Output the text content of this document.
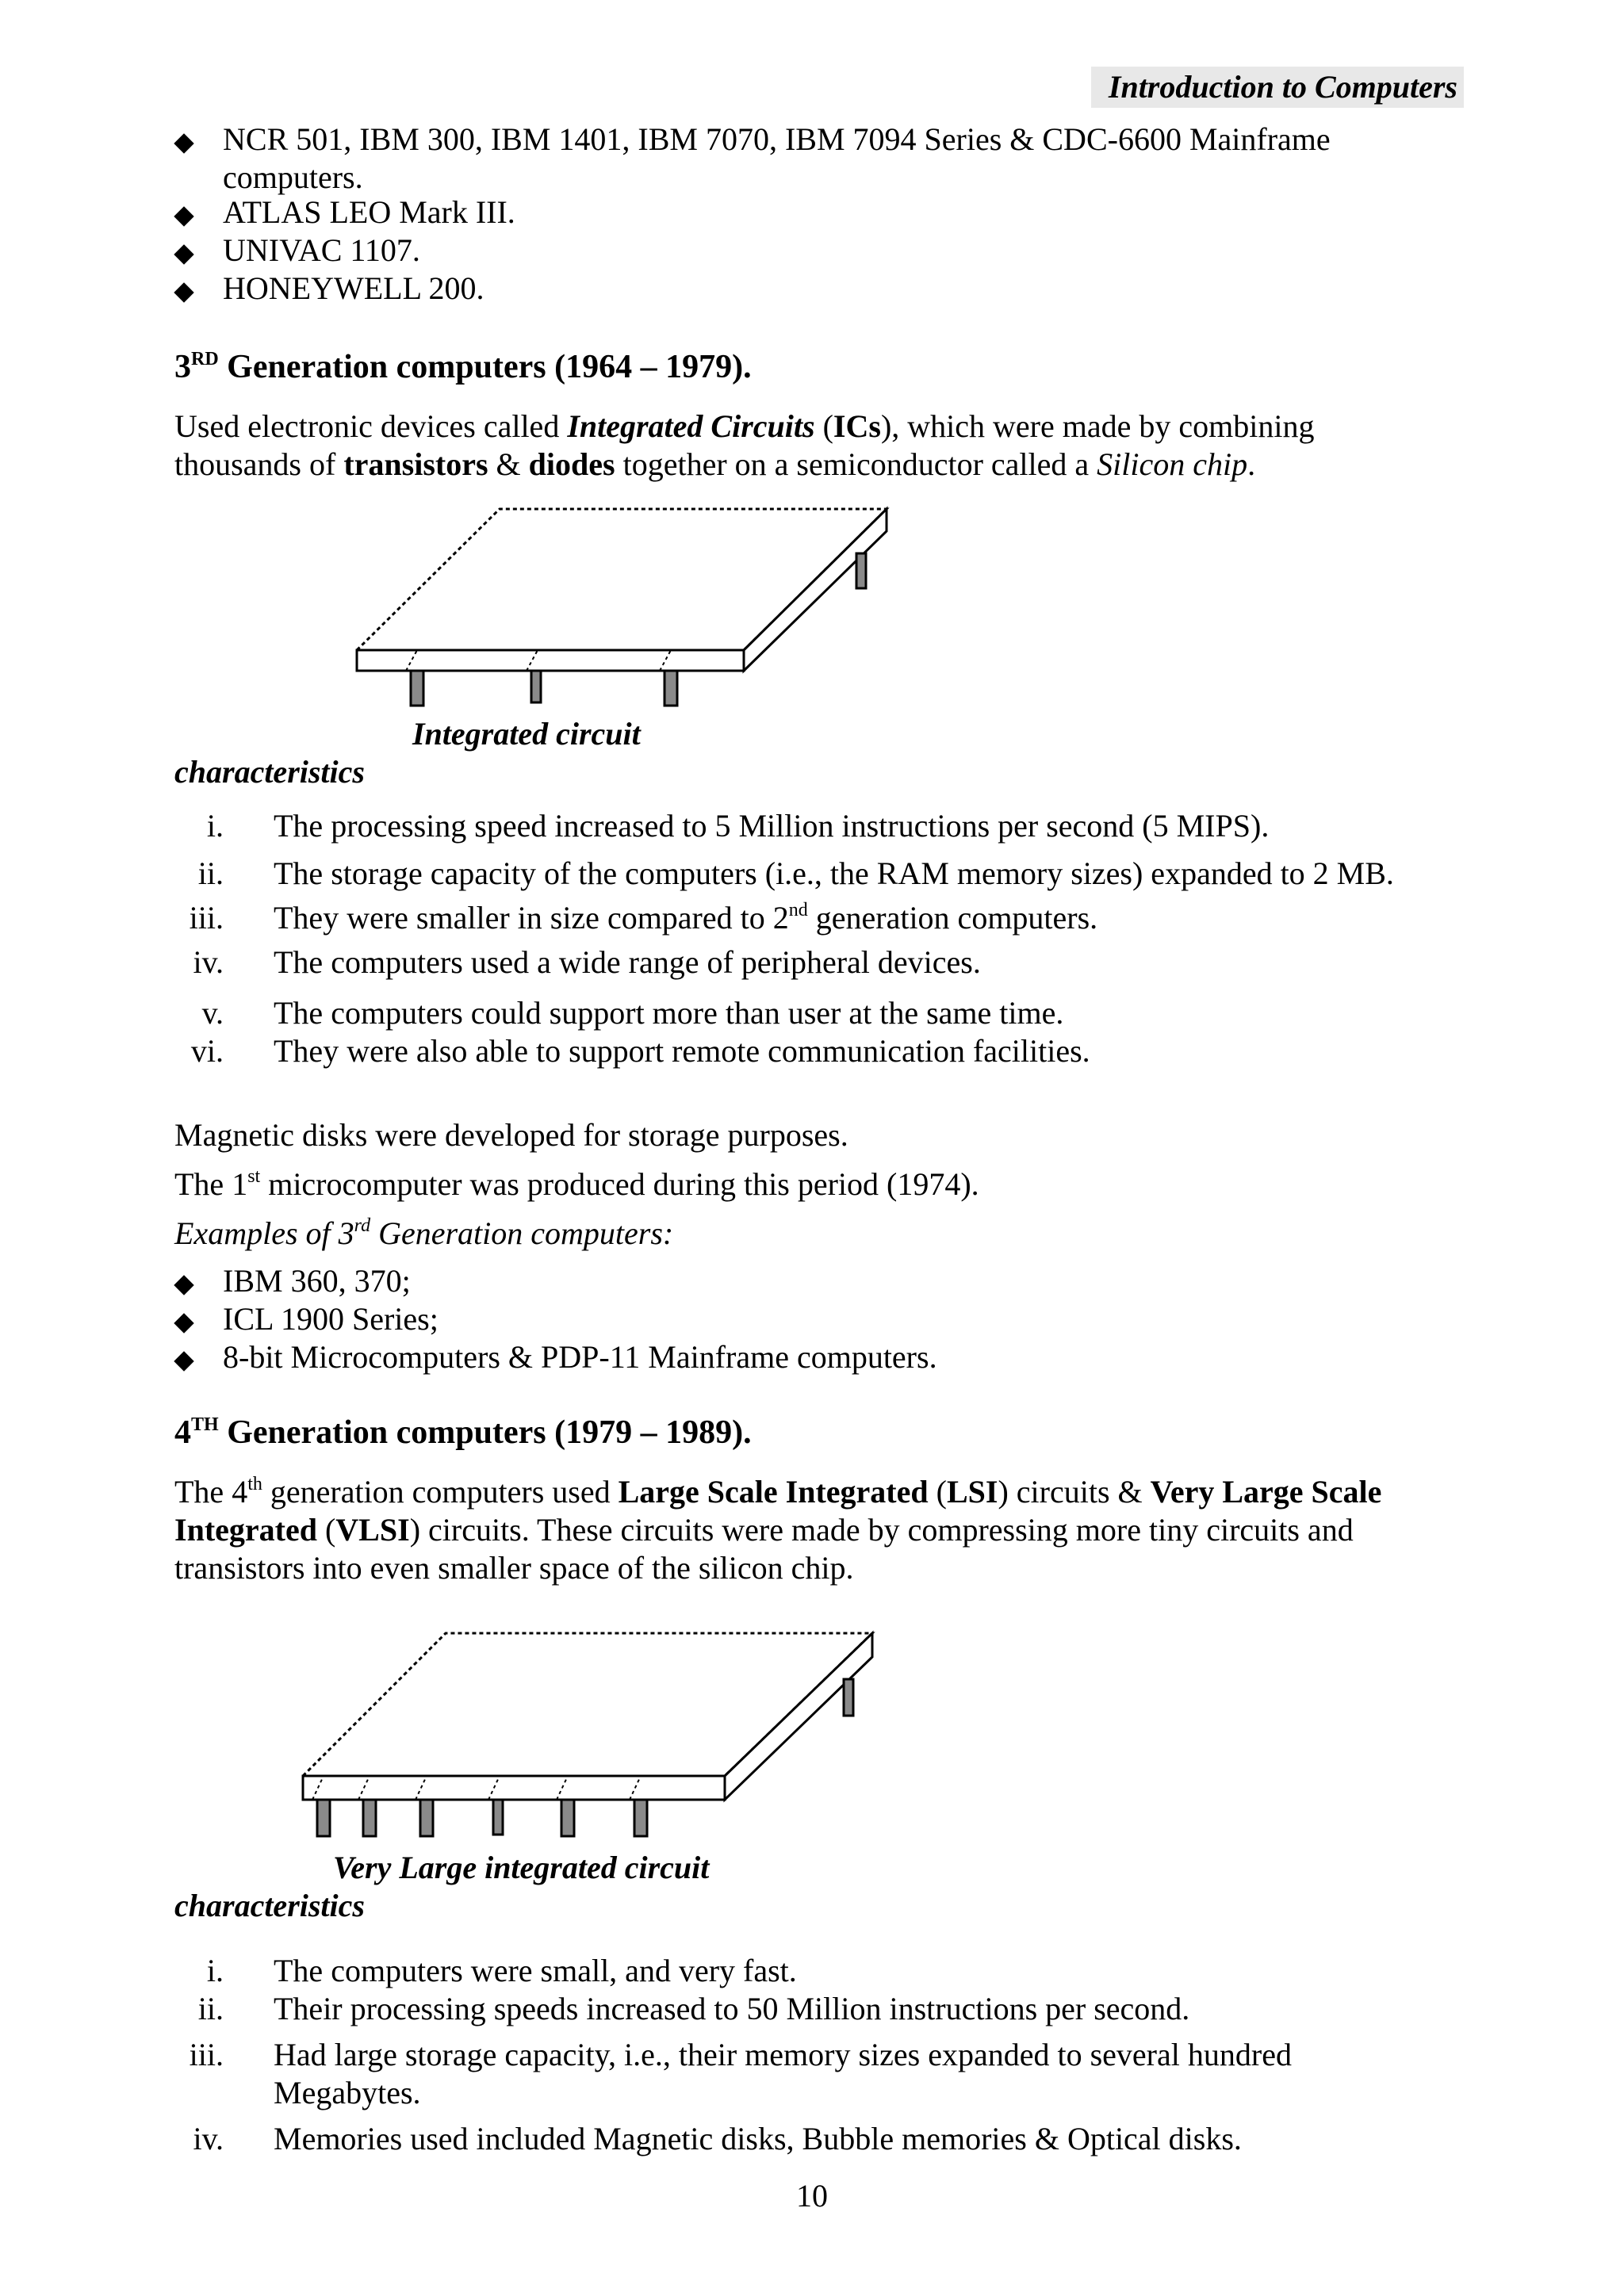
Introduction to Computers
NCR 501, IBM 300, IBM 1401, IBM 7070, IBM 7094 Series & CDC-6600 Mainframe
computers.
ATLAS LEO Mark III.
UNIVAC 1107.
HONEYWELL 200.
3RD Generation computers (1964 – 1979).
Used electronic devices called Integrated Circuits (ICs), which were made by combining
thousands of transistors & diodes together on a semiconductor called a Silicon chip.
Integrated circuit
characteristics
i. The processing speed increased to 5 Million instructions per second (5 MIPS).
ii. The storage capacity of the computers (i.e., the RAM memory sizes) expanded to 2 MB.
iii. They were smaller in size compared to 2nd generation computers.
iv. The computers used a wide range of peripheral devices.
v. The computers could support more than user at the same time.
vi. They were also able to support remote communication facilities.
Magnetic disks were developed for storage purposes.
The 1st microcomputer was produced during this period (1974).
Examples of 3rd Generation computers:
IBM 360, 370;
ICL 1900 Series;
8-bit Microcomputers & PDP-11 Mainframe computers.
4TH Generation computers (1979 – 1989).
The 4th generation computers used Large Scale Integrated (LSI) circuits & Very Large Scale
Integrated (VLSI) circuits. These circuits were made by compressing more tiny circuits and
transistors into even smaller space of the silicon chip.
Very Large integrated circuit
characteristics
i. The computers were small, and very fast.
ii. Their processing speeds increased to 50 Million instructions per second.
iii. Had large storage capacity, i.e., their memory sizes expanded to several hundred
Megabytes.
iv. Memories used included Magnetic disks, Bubble memories & Optical disks.
10
